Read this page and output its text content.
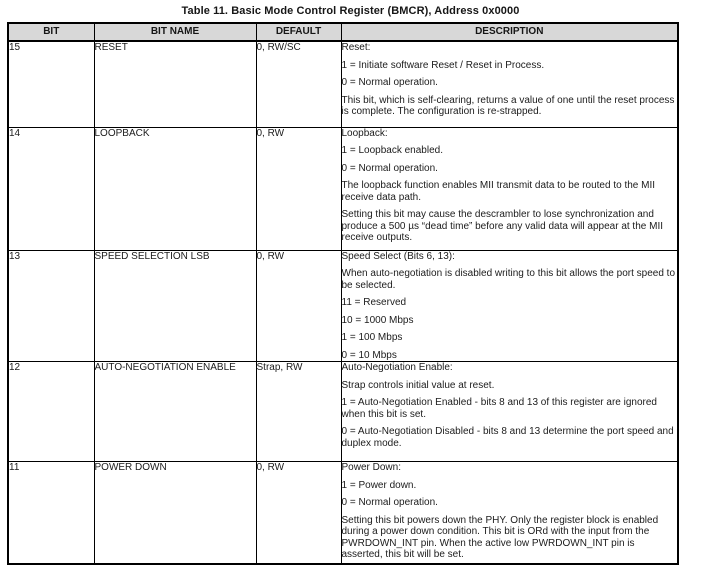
Table 11. Basic Mode Control Register (BMCR), Address 0x0000
BIT	BIT NAME	DEFAULT	DESCRIPTION
15	RESET	0, RW/SC	Reset:

1 = Initiate software Reset / Reset in Process.

0 = Normal operation.

This bit, which is self-clearing, returns a value of one until the reset process is complete. The configuration is re-strapped.

14	LOOPBACK	0, RW	Loopback:

1 = Loopback enabled.

0 = Normal operation.

The loopback function enables MII transmit data to be routed to the MII receive data path.

Setting this bit may cause the descrambler to lose synchronization and produce a 500 µs “dead time” before any valid data will appear at the MII receive outputs.

13	SPEED SELECTION LSB	0, RW	Speed Select (Bits 6, 13):

When auto-negotiation is disabled writing to this bit allows the port speed to be selected.

11 = Reserved

10 = 1000 Mbps

1 = 100 Mbps

0 = 10 Mbps

12	AUTO-NEGOTIATION ENABLE	Strap, RW	Auto-Negotiation Enable:

Strap controls initial value at reset.

1 = Auto-Negotiation Enabled - bits 8 and 13 of this register are ignored when this bit is set.

0 = Auto-Negotiation Disabled - bits 8 and 13 determine the port speed and duplex mode.

11	POWER DOWN	0, RW	Power Down:

1 = Power down.

0 = Normal operation.

Setting this bit powers down the PHY. Only the register block is enabled during a power down condition. This bit is ORd with the input from the PWRDOWN_INT pin. When the active low PWRDOWN_INT pin is asserted, this bit will be set.
